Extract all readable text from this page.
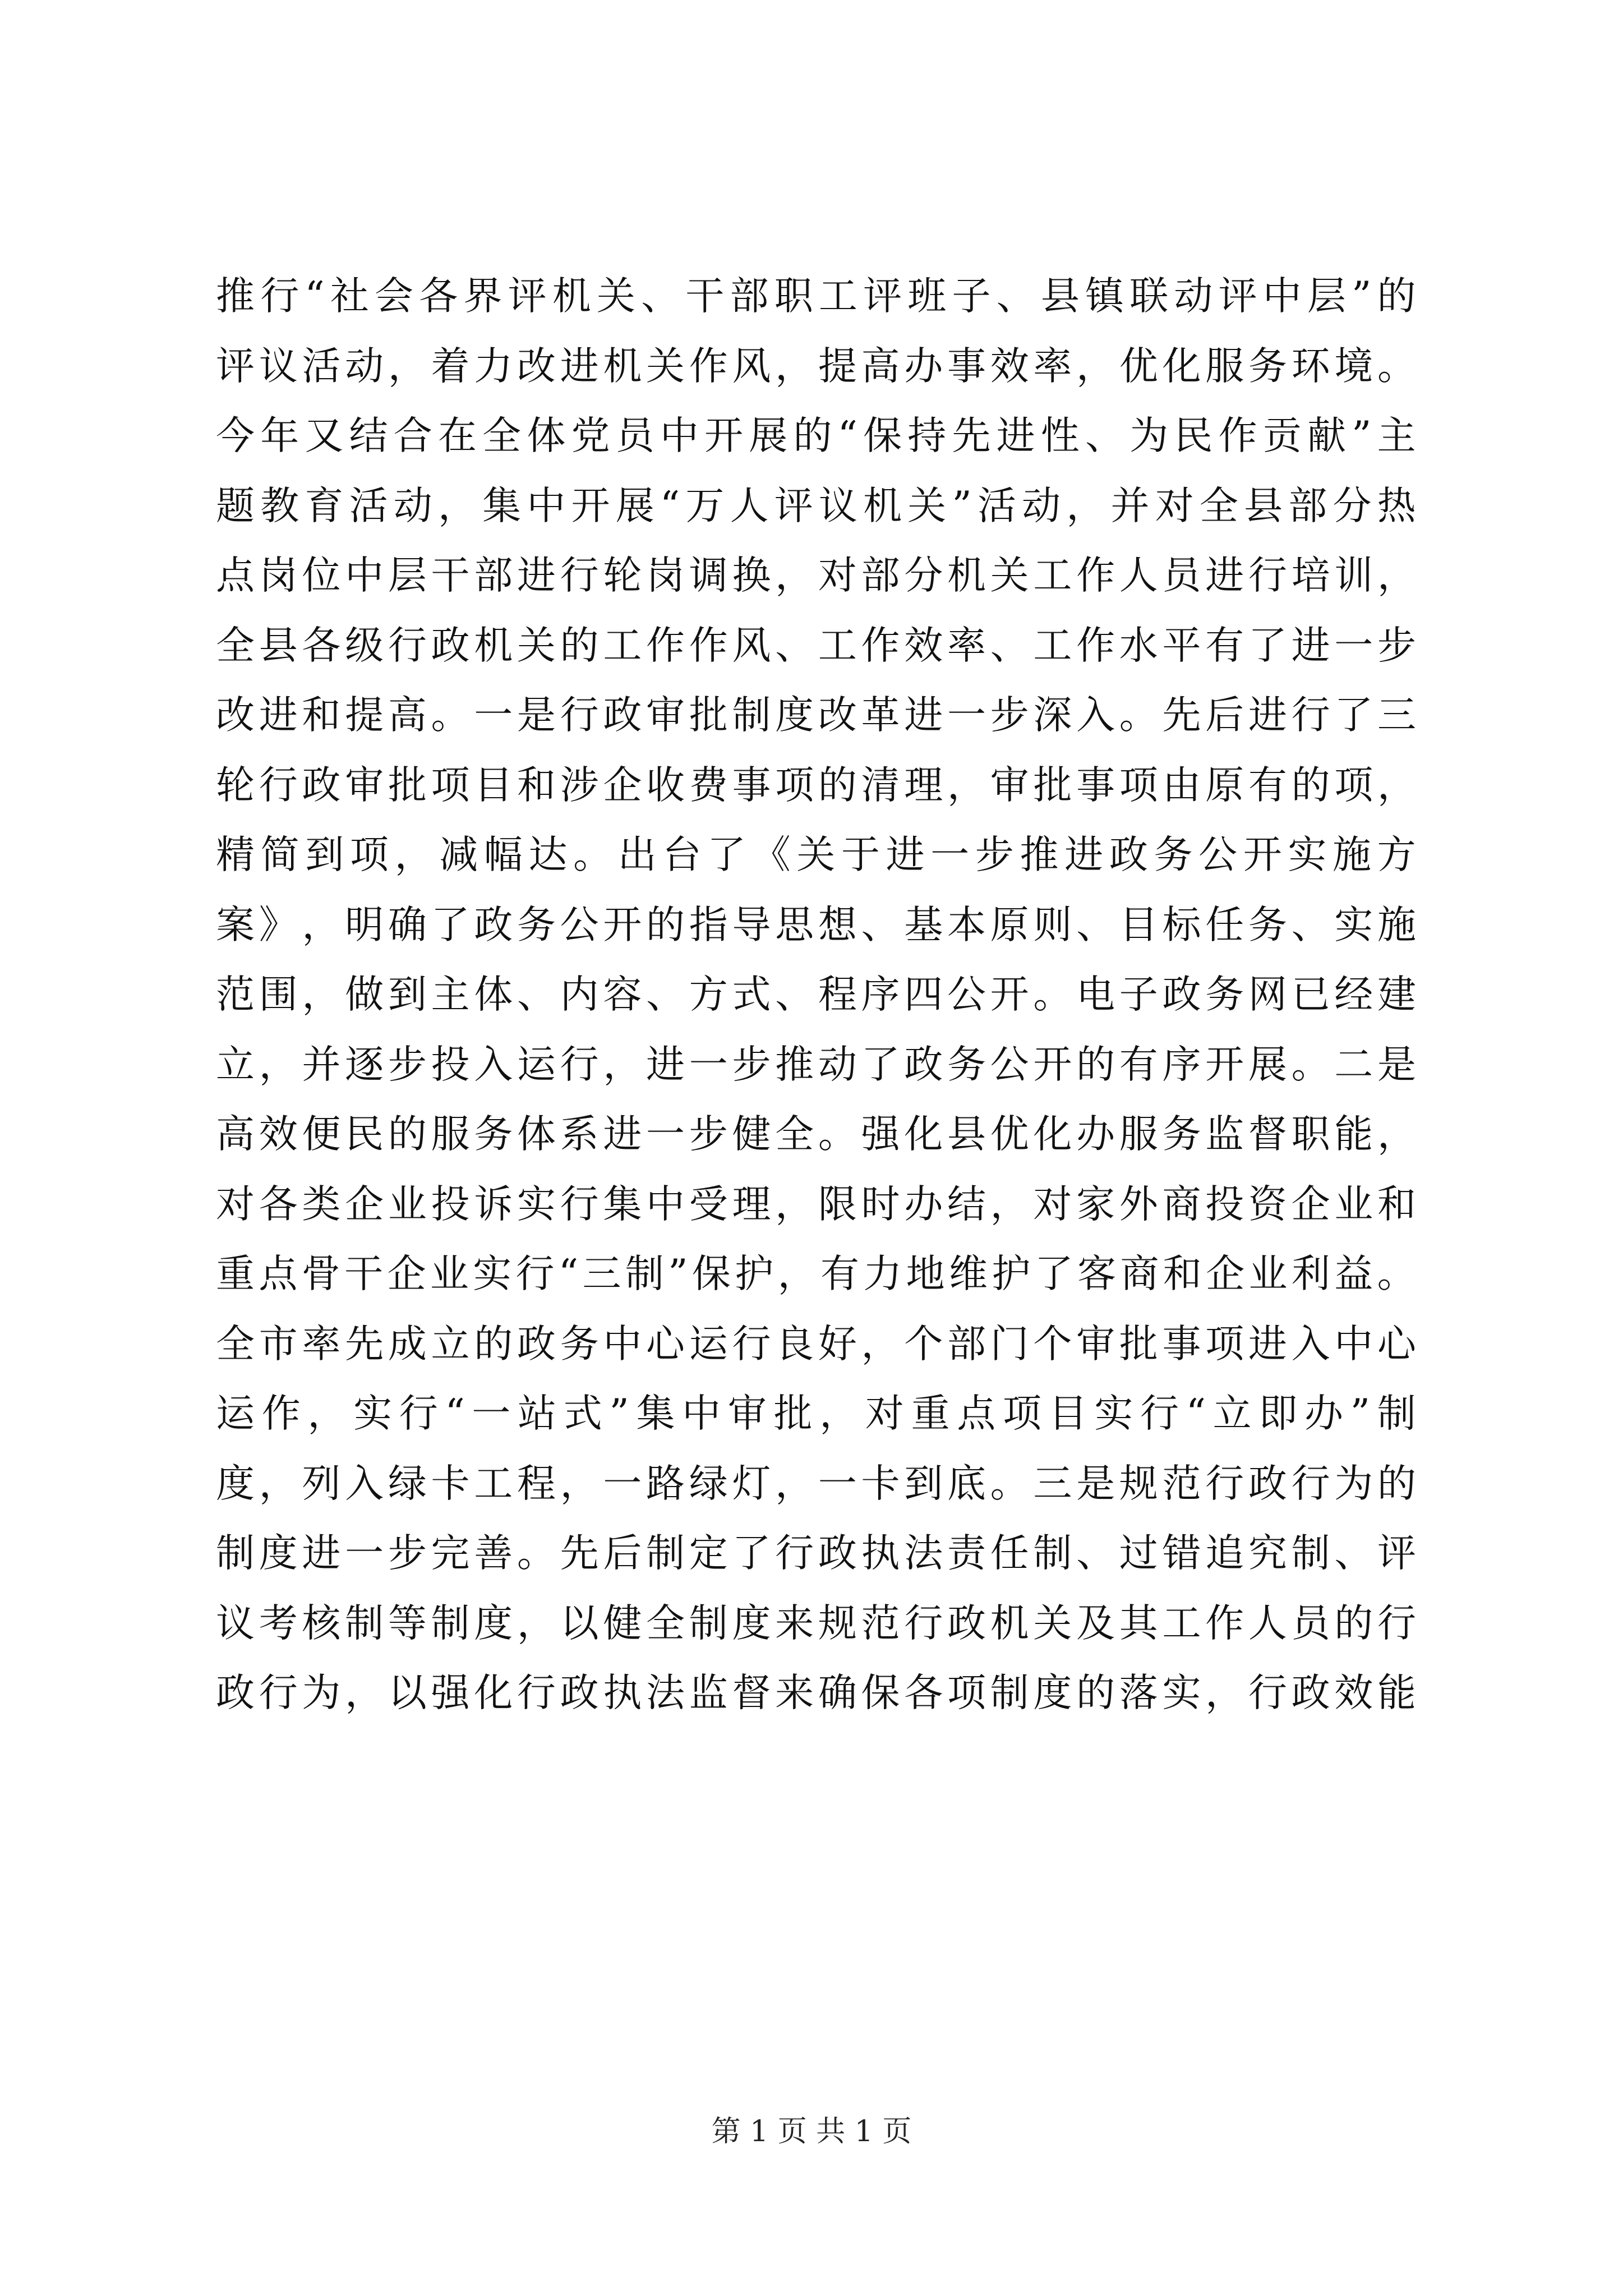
推 行 “ 社 会 各 界 评 机 关 、 干 部 职 工 评 班 子 、 县 镇 联 动 评 中 层 ” 的
评 议 活 动 ， 着 力 改 进 机 关 作 风 ， 提 高 办 事 效 率 ， 优 化 服 务 环 境 。
今 年 又 结 合 在 全 体 党 员 中 开 展 的 “ 保 持 先 进 性 、 为 民 作 贡 献 ” 主
题 教 育 活 动 ， 集 中 开 展 “ 万 人 评 议 机 关 ” 活 动 ， 并 对 全 县 部 分 热
点 岗 位 中 层 干 部 进 行 轮 岗 调 换 ， 对 部 分 机 关 工 作 人 员 进 行 培 训 ，
全 县 各 级 行 政 机 关 的 工 作 作 风 、 工 作 效 率 、 工 作 水 平 有 了 进 一 步
改 进 和 提 高 。 一 是 行 政 审 批 制 度 改 革 进 一 步 深 入 。 先 后 进 行 了 三
轮 行 政 审 批 项 目 和 涉 企 收 费 事 项 的 清 理 ， 审 批 事 项 由 原 有 的 项 ，
精 简 到 项 ， 减 幅 达 。 出 台 了 《 关 于 进 一 步 推 进 政 务 公 开 实 施 方
案 》 ， 明 确 了 政 务 公 开 的 指 导 思 想 、 基 本 原 则 、 目 标 任 务 、 实 施
范 围 ， 做 到 主 体 、 内 容 、 方 式 、 程 序 四 公 开 。 电 子 政 务 网 已 经 建
立 ， 并 逐 步 投 入 运 行 ， 进 一 步 推 动 了 政 务 公 开 的 有 序 开 展 。 二 是
高 效 便 民 的 服 务 体 系 进 一 步 健 全 。 强 化 县 优 化 办 服 务 监 督 职 能 ，
对 各 类 企 业 投 诉 实 行 集 中 受 理 ， 限 时 办 结 ， 对 家 外 商 投 资 企 业 和
重 点 骨 干 企 业 实 行 “ 三 制 ” 保 护 ， 有 力 地 维 护 了 客 商 和 企 业 利 益 。
全 市 率 先 成 立 的 政 务 中 心 运 行 良 好 ， 个 部 门 个 审 批 事 项 进 入 中 心
运 作 ， 实 行 “ 一 站 式 ” 集 中 审 批 ， 对 重 点 项 目 实 行 “ 立 即 办 ” 制
度 ， 列 入 绿 卡 工 程 ， 一 路 绿 灯 ， 一 卡 到 底 。 三 是 规 范 行 政 行 为 的
制 度 进 一 步 完 善 。 先 后 制 定 了 行 政 执 法 责 任 制 、 过 错 追 究 制 、 评
议 考 核 制 等 制 度 ， 以 健 全 制 度 来 规 范 行 政 机 关 及 其 工 作 人 员 的 行
政 行 为 ， 以 强 化 行 政 执 法 监 督 来 确 保 各 项 制 度 的 落 实 ， 行 政 效 能
第 1 页 共 1 页
